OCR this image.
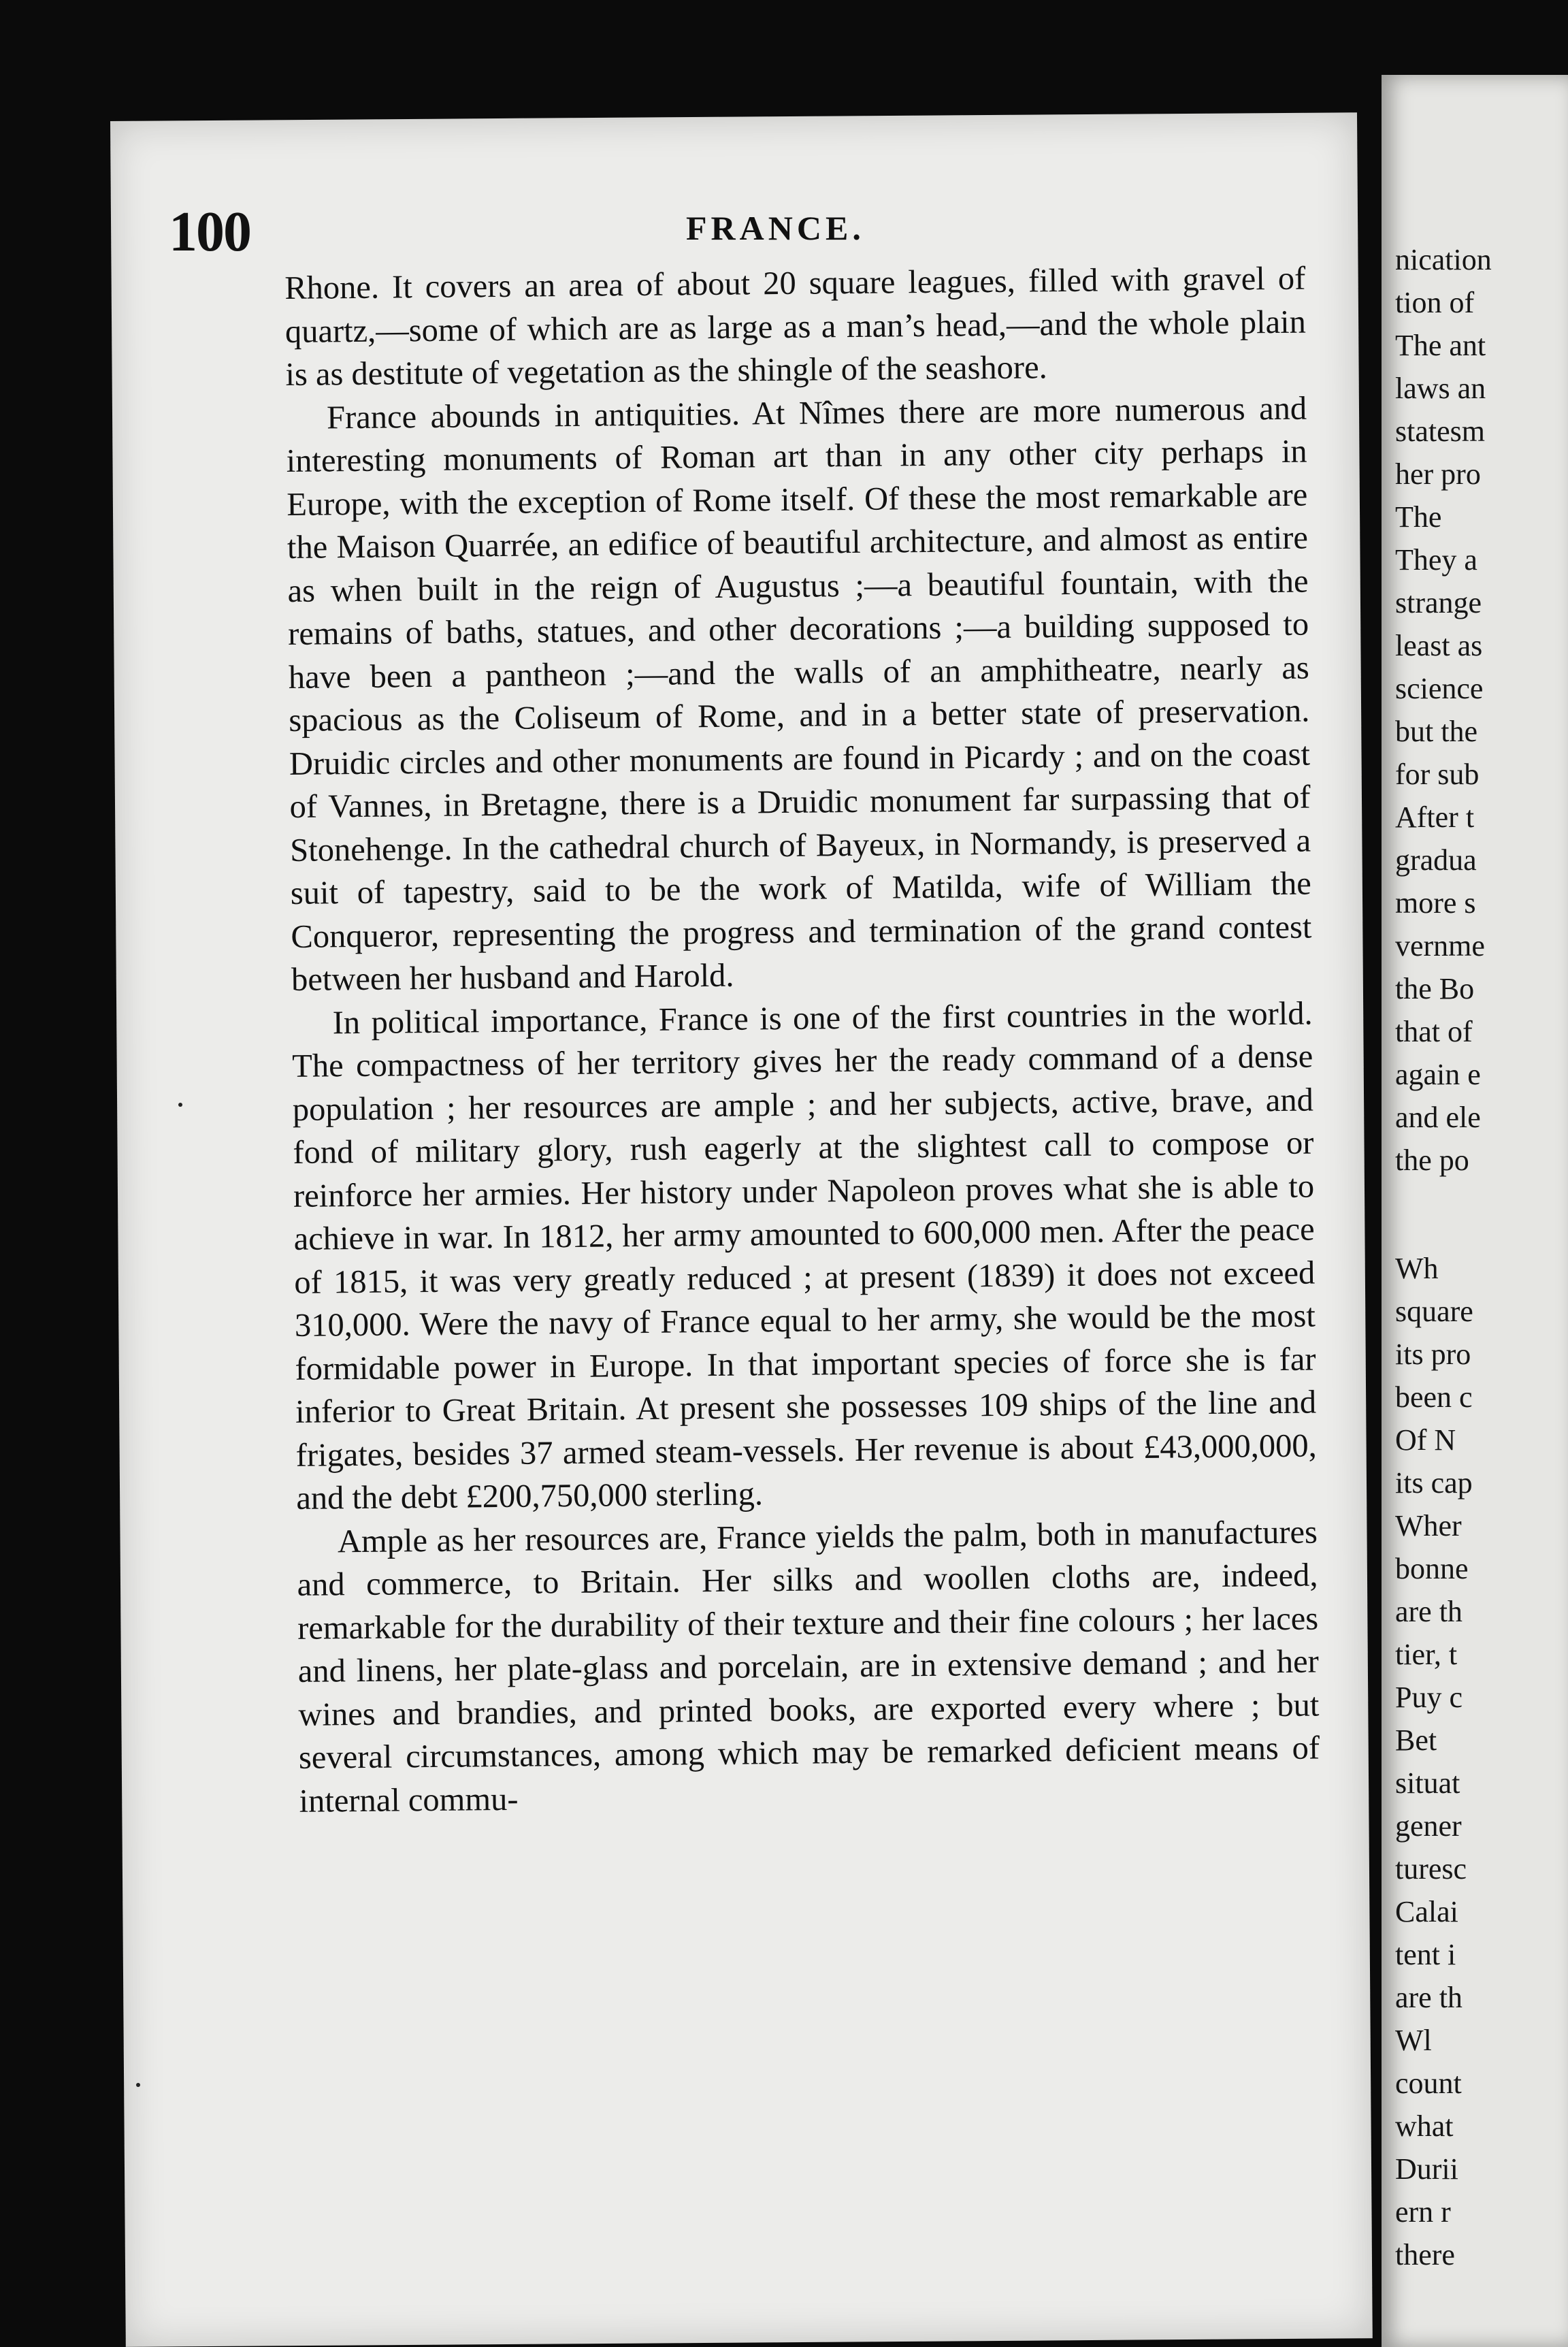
nication
tion of
The ant
laws an
statesm
her pro
The
They a
strange
least as
science
but the
for sub
After t
gradua
more s
vernme
the Bo
that of
again e
and ele
the po
Wh
square
its pro
been c
Of N
its cap
Wher
bonne
are th
tier, t
Puy c
Bet
situat
gener
turesc
Calai
tent i
are th
Wl
count
what
Durii
ern r
there
100	FRANCE.

Rhone. It covers an area of about 20 square leagues, filled with gravel of quartz,—some of which are as large as a man’s head,—and the whole plain is as destitute of vegetation as the shingle of the seashore.

France abounds in antiquities. At Nîmes there are more numerous and interesting monuments of Roman art than in any other city perhaps in Europe, with the exception of Rome itself. Of these the most remarkable are the Maison Quarrée, an edifice of beautiful architecture, and almost as entire as when built in the reign of Augustus ;—a beautiful fountain, with the remains of baths, statues, and other decorations ;—a building supposed to have been a pantheon ;—and the walls of an amphitheatre, nearly as spacious as the Coliseum of Rome, and in a better state of preservation. Druidic circles and other monuments are found in Picardy ; and on the coast of Vannes, in Bretagne, there is a Druidic monument far surpassing that of Stonehenge. In the cathedral church of Bayeux, in Normandy, is preserved a suit of tapestry, said to be the work of Matilda, wife of William the Conqueror, representing the progress and termination of the grand contest between her husband and Harold.

In political importance, France is one of the first countries in the world. The compactness of her territory gives her the ready command of a dense population ; her resources are ample ; and her subjects, active, brave, and fond of military glory, rush eagerly at the slightest call to compose or reinforce her armies. Her history under Napoleon proves what she is able to achieve in war. In 1812, her army amounted to 600,000 men. After the peace of 1815, it was very greatly reduced ; at present (1839) it does not exceed 310,000. Were the navy of France equal to her army, she would be the most formidable power in Europe. In that important species of force she is far inferior to Great Britain. At present she possesses 109 ships of the line and frigates, besides 37 armed steam-vessels. Her revenue is about £43,000,000, and the debt £200,750,000 sterling.

Ample as her resources are, France yields the palm, both in manufactures and commerce, to Britain. Her silks and woollen cloths are, indeed, remarkable for the durability of their texture and their fine colours ; her laces and linens, her plate-glass and porcelain, are in extensive demand ; and her wines and brandies, and printed books, are exported every where ; but several circumstances, among which may be remarked deficient means of internal commu-
